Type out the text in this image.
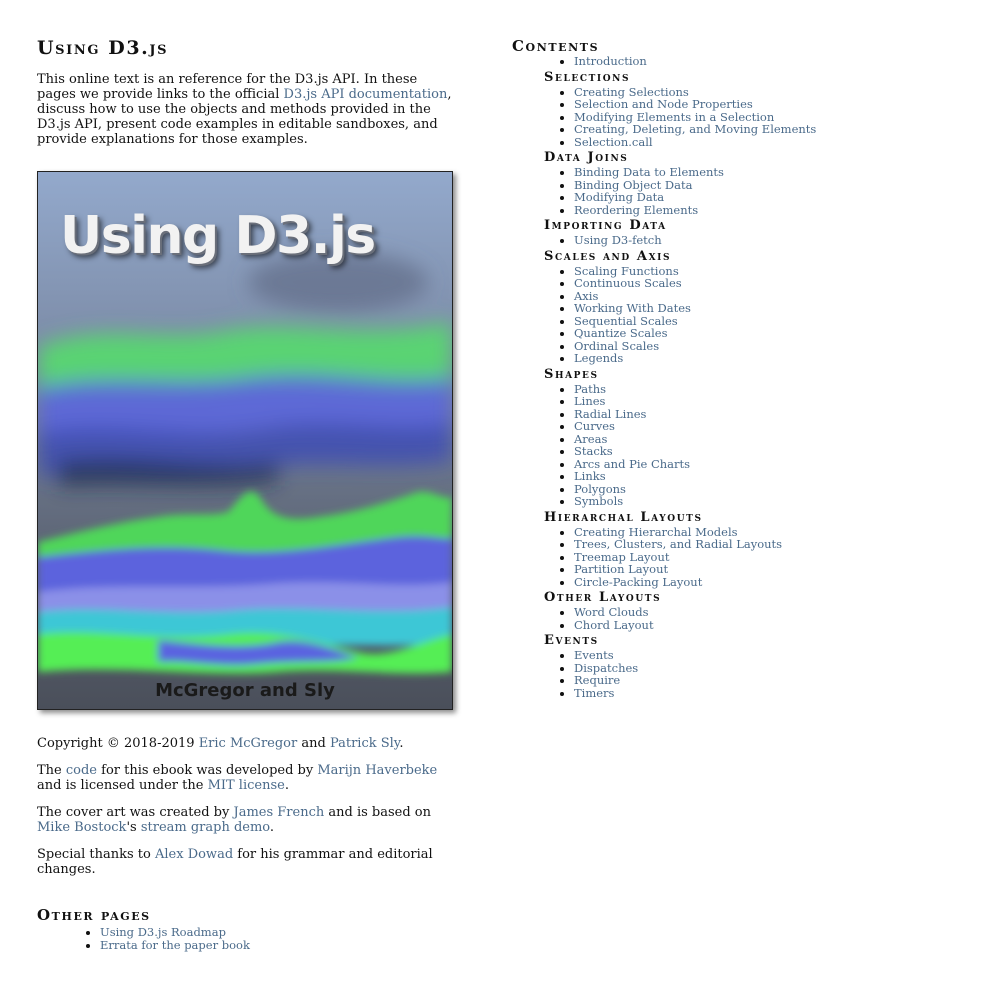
Using D3.js

This online text is an reference for the D3.js API. In these pages we provide links to the official D3.js API documentation, discuss how to use the objects and methods provided in the D3.js API, present code examples in editable sandboxes, and provide explanations for those examples.

Using D3.js
McGregor and Sly

Copyright © 2018-2019 Eric McGregor and Patrick Sly.

The code for this ebook was developed by Marijn Haverbeke and is licensed under the MIT license.

The cover art was created by James French and is based on Mike Bostock's stream graph demo.

Special thanks to Alex Dowad for his grammar and editorial changes.

Other pages
• Using D3.js Roadmap
• Errata for the paper book
Contents
• Introduction
Selections
• Creating Selections
• Selection and Node Properties
• Modifying Elements in a Selection
• Creating, Deleting, and Moving Elements
• Selection.call
Data Joins
• Binding Data to Elements
• Binding Object Data
• Modifying Data
• Reordering Elements
Importing Data
• Using D3-fetch
Scales and Axis
• Scaling Functions
• Continuous Scales
• Axis
• Working With Dates
• Sequential Scales
• Quantize Scales
• Ordinal Scales
• Legends
Shapes
• Paths
• Lines
• Radial Lines
• Curves
• Areas
• Stacks
• Arcs and Pie Charts
• Links
• Polygons
• Symbols
Hierarchal Layouts
• Creating Hierarchal Models
• Trees, Clusters, and Radial Layouts
• Treemap Layout
• Partition Layout
• Circle-Packing Layout
Other Layouts
• Word Clouds
• Chord Layout
Events
• Events
• Dispatches
• Require
• Timers
